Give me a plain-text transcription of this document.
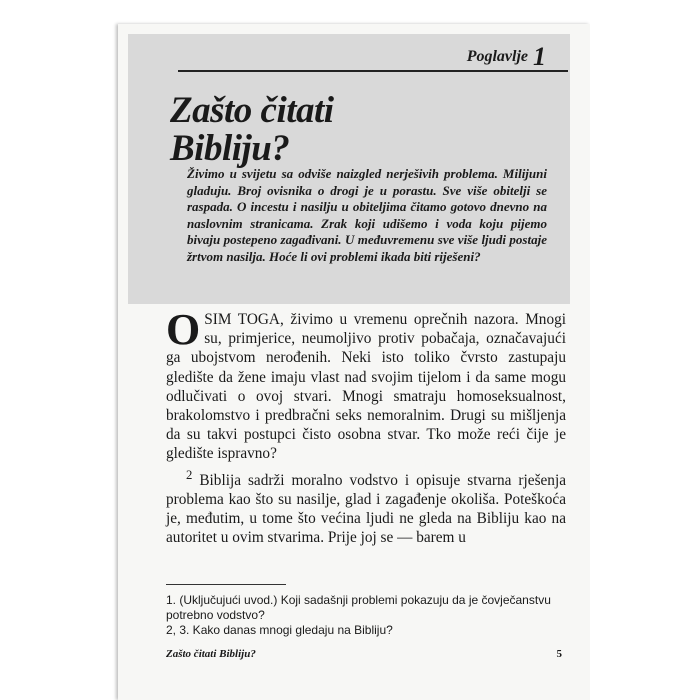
Poglavlje 1
Zašto čitati
Bibliju?
Živimo u svijetu sa odviše naizgled nerješivih problema. Milijuni gladuju. Broj ovisnika o drogi je u porastu. Sve više obitelji se raspada. O incestu i nasilju u obiteljima čitamo gotovo dnevno na naslovnim stranicama. Zrak koji udišemo i voda koju pijemo bivaju postepeno zagađivani. U međuvremenu sve više ljudi postaje žrtvom nasilja. Hoće li ovi problemi ikada biti riješeni?
OSIM TOGA, živimo u vremenu oprečnih nazora. Mnogi su, primjerice, neumoljivo protiv pobačaja, označavajući ga ubojstvom nerođenih. Neki isto toliko čvrsto zastupaju gledište da žene imaju vlast nad svojim tijelom i da same mogu odlučivati o ovoj stvari. Mnogi smatraju homoseksualnost, brakolomstvo i predbračni seks nemoralnim. Drugi su mišljenja da su takvi postupci čisto osobna stvar. Tko može reći čije je gledište ispravno?
$^2$ Biblija sadrži moralno vodstvo i opisuje stvarna rješenja problema kao što su nasilje, glad i zagađenje okoliša. Poteškoća je, međutim, u tome što većina ljudi ne gleda na Bibliju kao na autoritet u ovim stvarima. Prije joj se — barem u
1. (Uključujući uvod.) Koji sadašnji problemi pokazuju da je čovječanstvu potrebno vodstvo?
2, 3. Kako danas mnogi gledaju na Bibliju?
Zašto čitati Bibliju?	5
